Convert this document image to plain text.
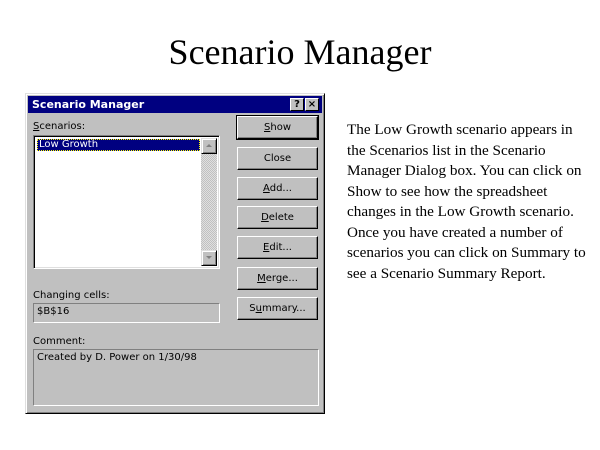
Scenario Manager
Scenario Manager	? ×
Scenarios:
Low Growth
Changing cells:
$B$16
Comment:
Created by D. Power on 1/30/98
Show
Close
Add...
Delete
Edit...
Merge...
Summary...
The Low Growth scenario appears in the Scenarios list in the Scenario Manager Dialog box. You can click on Show to see how the spreadsheet changes in the Low Growth scenario. Once you have created a number of scenarios you can click on Summary to see a Scenario Summary Report.
